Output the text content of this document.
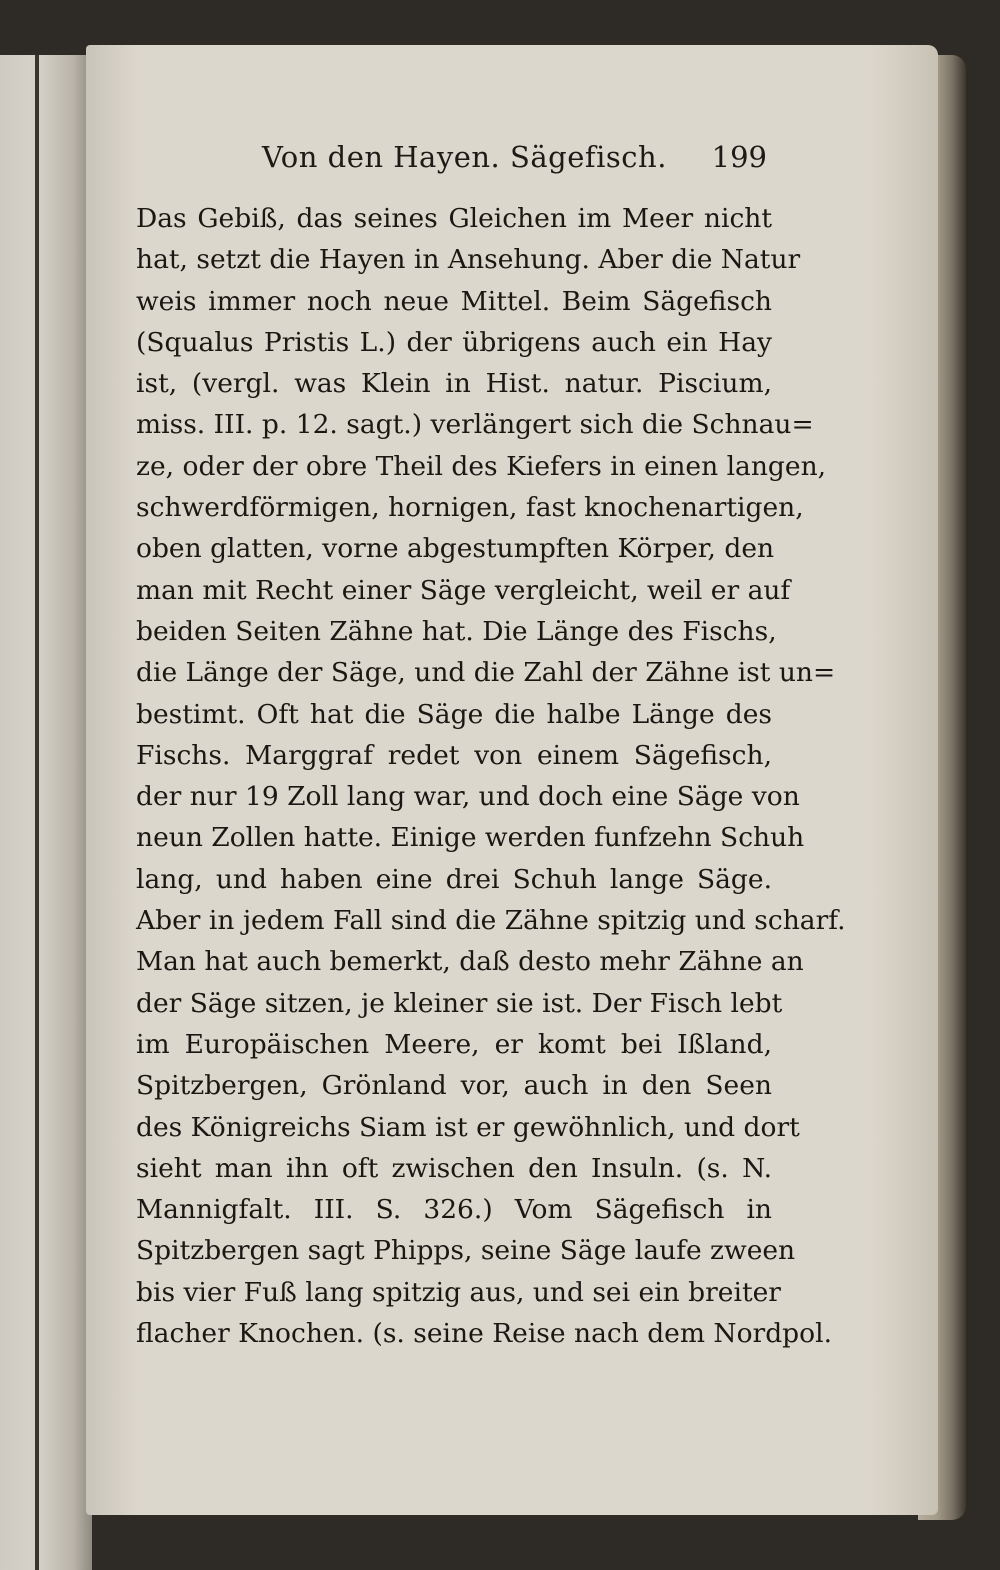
Von den Hayen. Sägefisch. 199
Das Gebiß, das seines Gleichen im Meer nicht
hat, setzt die Hayen in Ansehung. Aber die Natur
weis immer noch neue Mittel. Beim Sägefisch
(Squalus Pristis L.) der übrigens auch ein Hay
ist, (vergl. was Klein in Hist. natur. Piscium,
miss. III. p. 12. sagt.) verlängert sich die Schnau=
ze, oder der obre Theil des Kiefers in einen langen,
schwerdförmigen, hornigen, fast knochenartigen,
oben glatten, vorne abgestumpften Körper, den
man mit Recht einer Säge vergleicht, weil er auf
beiden Seiten Zähne hat. Die Länge des Fischs,
die Länge der Säge, und die Zahl der Zähne ist un=
bestimt. Oft hat die Säge die halbe Länge des
Fischs. Marggraf redet von einem Sägefisch,
der nur 19 Zoll lang war, und doch eine Säge von
neun Zollen hatte. Einige werden funfzehn Schuh
lang, und haben eine drei Schuh lange Säge.
Aber in jedem Fall sind die Zähne spitzig und scharf.
Man hat auch bemerkt, daß desto mehr Zähne an
der Säge sitzen, je kleiner sie ist. Der Fisch lebt
im Europäischen Meere, er komt bei Ißland,
Spitzbergen, Grönland vor, auch in den Seen
des Königreichs Siam ist er gewöhnlich, und dort
sieht man ihn oft zwischen den Insuln. (s. N.
Mannigfalt. III. S. 326.) Vom Sägefisch in
Spitzbergen sagt Phipps, seine Säge laufe zween
bis vier Fuß lang spitzig aus, und sei ein breiter
flacher Knochen. (s. seine Reise nach dem Nordpol.
